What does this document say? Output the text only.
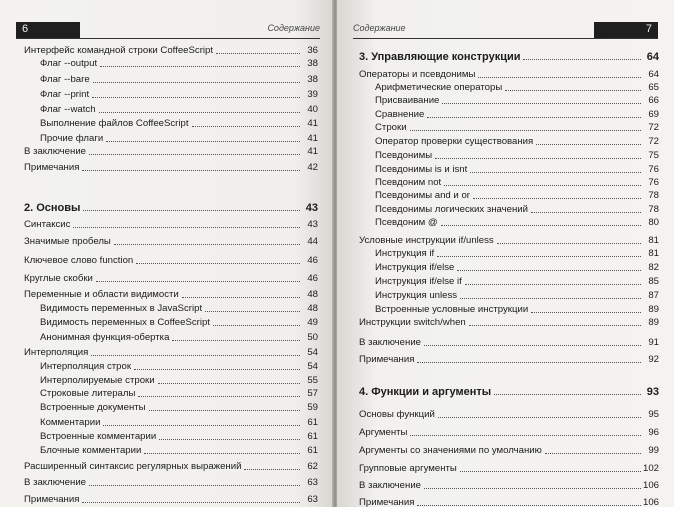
6	Содержание
Интерфейс командной строки CoffeeScript	36
Флаг --output	38
Флаг --bare	38
Флаг --print	39
Флаг --watch	40
Выполнение файлов CoffeeScript	41
Прочие флаги	41
В заключение	41
Примечания	42
2. Основы	43
Синтаксис	43
Значимые пробелы	44
Ключевое слово function	46
Круглые скобки	46
Переменные и области видимости	48
Видимость переменных в JavaScript	48
Видимость переменных в CoffeeScript	49
Анонимная функция-обертка	50
Интерполяция	54
Интерполяция строк	54
Интерполируемые строки	55
Строковые литералы	57
Встроенные документы	59
Комментарии	61
Встроенные комментарии	61
Блочные комментарии	61
Расширенный синтаксис регулярных выражений	62
В заключение	63
Примечания	63
7
Содержание
3. Управляющие конструкции	64
Операторы и псевдонимы	64
Арифметические операторы	65
Присваивание	66
Сравнение	69
Строки	72
Оператор проверки существования	72
Псевдонимы	75
Псевдонимы is и isnt	76
Псевдоним not	76
Псевдонимы and и or	78
Псевдонимы логических значений	78
Псевдоним @	80
Условные инструкции if/unless	81
Инструкция if	81
Инструкция if/else	82
Инструкция if/else if	85
Инструкция unless	87
Встроенные условные инструкции	89
Инструкции switch/when	89
В заключение	91
Примечания	92
4. Функции и аргументы	93
Основы функций	95
Аргументы	96
Аргументы со значениями по умолчанию	99
Групповые аргументы	102
В заключение	106
Примечания	106
